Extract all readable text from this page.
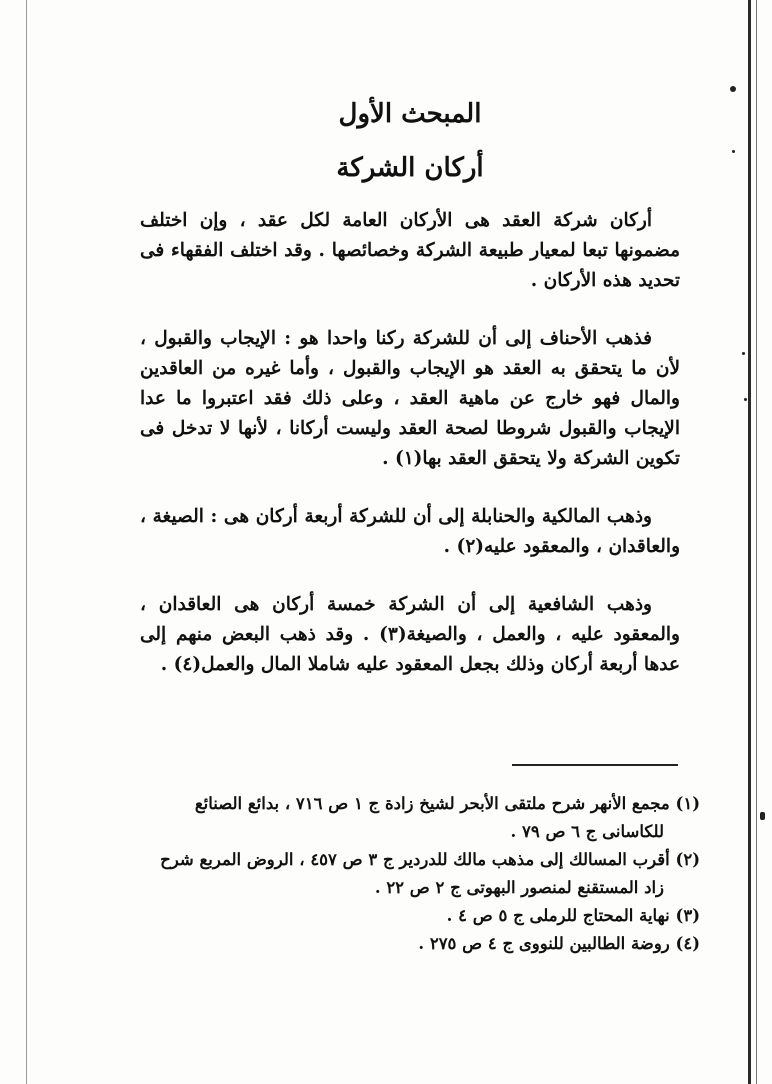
المبحث الأول
أركان الشركة

أركان شركة العقد هى الأركان العامة لكل عقد ، وإن اختلف مضمونها تبعا لمعيار طبيعة الشركة وخصائصها . وقد اختلف الفقهاء فى تحديد هذه الأركان .

فذهب الأحناف إلى أن للشركة ركنا واحدا هو : الإيجاب والقبول ، لأن ما يتحقق به العقد هو الإيجاب والقبول ، وأما غيره من العاقدين والمال فهو خارج عن ماهية العقد ، وعلى ذلك فقد اعتبروا ما عدا الإيجاب والقبول شروطا لصحة العقد وليست أركانا ، لأنها لا تدخل فى تكوين الشركة ولا يتحقق العقد بها(١) .

وذهب المالكية والحنابلة إلى أن للشركة أربعة أركان هى : الصيغة ، والعاقدان ، والمعقود عليه(٢) .

وذهب الشافعية إلى أن الشركة خمسة أركان هى العاقدان ، والمعقود عليه ، والعمل ، والصيغة(٣) . وقد ذهب البعض منهم إلى عدها أربعة أركان وذلك بجعل المعقود عليه شاملا المال والعمل(٤) .

(١) مجمع الأنهر شرح ملتقى الأبحر لشيخ زادة ج ١ ص ٧١٦ ، بدائع الصنائع للكاسانى ج ٦ ص ٧٩ .

(٢) أقرب المسالك إلى مذهب مالك للدردير ج ٣ ص ٤٥٧ ، الروض المربع شرح زاد المستقنع لمنصور البهوتى ج ٢ ص ٢٢ .

(٣) نهاية المحتاج للرملى ج ٥ ص ٤ .

(٤) روضة الطالبين للنووى ج ٤ ص ٢٧٥ .
